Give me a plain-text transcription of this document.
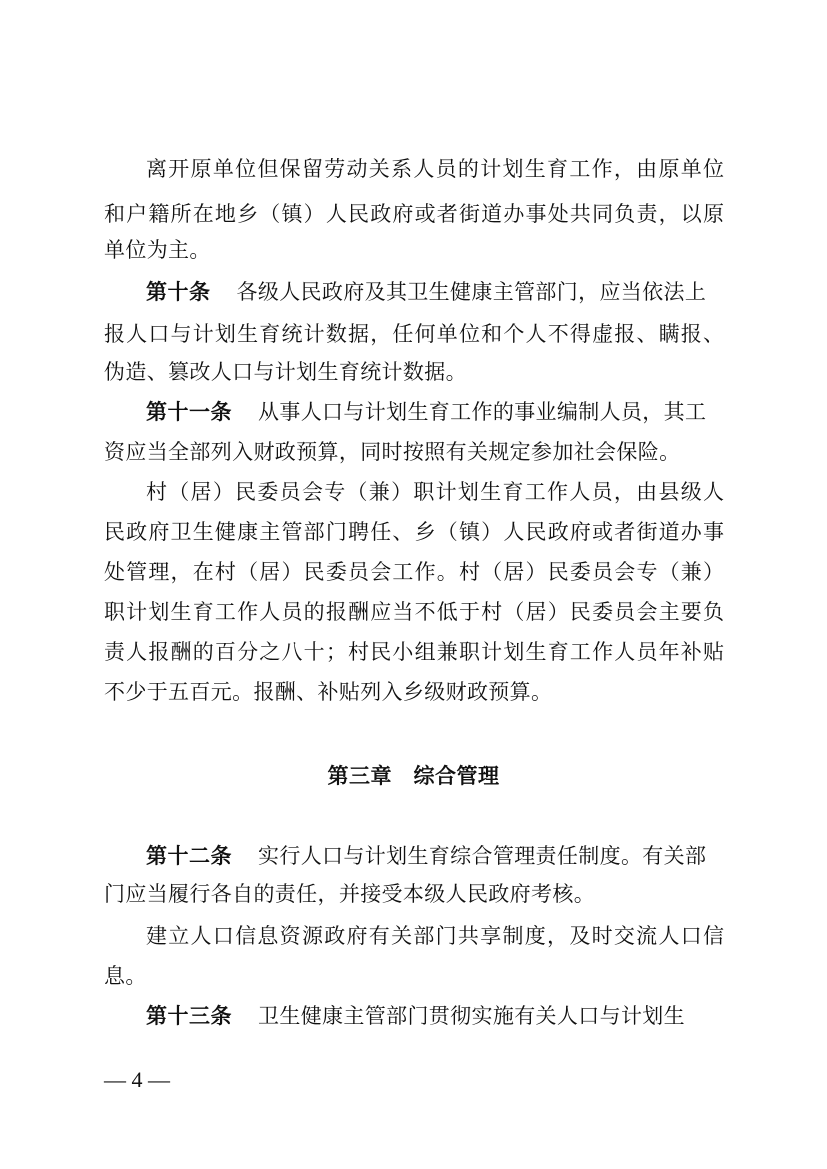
离开原单位但保留劳动关系人员的计划生育工作，由原单位
和户籍所在地乡（镇）人民政府或者街道办事处共同负责，以原
单位为主。
第十条 各级人民政府及其卫生健康主管部门，应当依法上
报人口与计划生育统计数据，任何单位和个人不得虚报、瞒报、
伪造、篡改人口与计划生育统计数据。
第十一条 从事人口与计划生育工作的事业编制人员，其工
资应当全部列入财政预算，同时按照有关规定参加社会保险。
村（居）民委员会专（兼）职计划生育工作人员，由县级人
民政府卫生健康主管部门聘任、乡（镇）人民政府或者街道办事
处管理，在村（居）民委员会工作。村（居）民委员会专（兼）
职计划生育工作人员的报酬应当不低于村（居）民委员会主要负
责人报酬的百分之八十；村民小组兼职计划生育工作人员年补贴
不少于五百元。报酬、补贴列入乡级财政预算。
第三章　综合管理
第十二条 实行人口与计划生育综合管理责任制度。有关部
门应当履行各自的责任，并接受本级人民政府考核。
建立人口信息资源政府有关部门共享制度，及时交流人口信
息。
第十三条 卫生健康主管部门贯彻实施有关人口与计划生
— 4 —
